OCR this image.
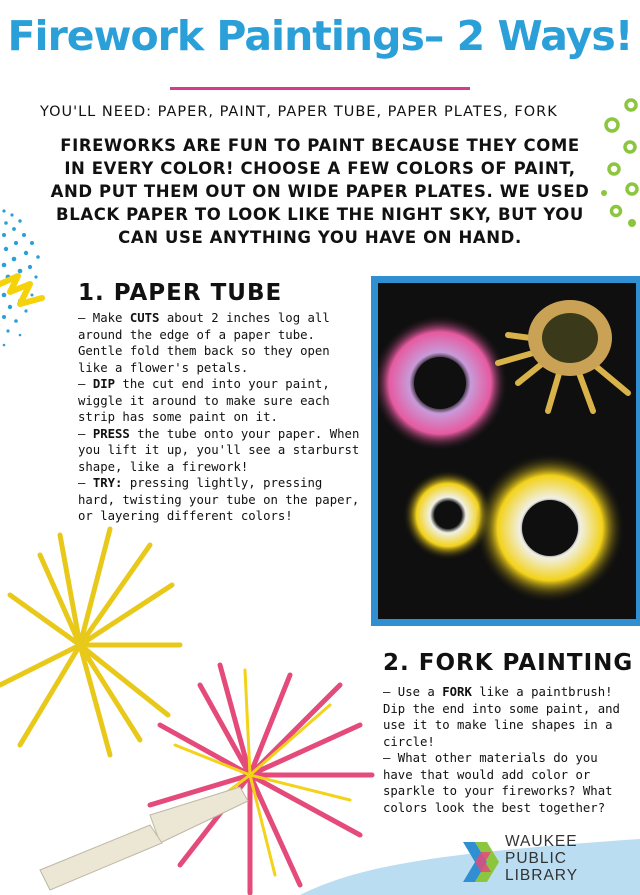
Firework Paintings– 2 Ways!
YOU'LL NEED: PAPER, PAINT, PAPER TUBE, PAPER PLATES, FORK

FIREWORKS ARE FUN TO PAINT BECAUSE THEY COME IN EVERY COLOR! CHOOSE A FEW COLORS OF PAINT, AND PUT THEM OUT ON WIDE PAPER PLATES. WE USED BLACK PAPER TO LOOK LIKE THE NIGHT SKY, BUT YOU CAN USE ANYTHING YOU HAVE ON HAND.

1. PAPER TUBE

– Make CUTS about 2 inches log all around the edge of a paper tube. Gentle fold them back so they open like a flower's petals.

– DIP the cut end into your paint, wiggle it around to make sure each strip has some paint on it.

– PRESS the tube onto your paper. When you lift it up, you'll see a starburst shape, like a firework!

– TRY: pressing lightly, pressing hard, twisting your tube on the paper, or layering different colors!

2. FORK PAINTING

– Use a FORK like a paintbrush! Dip the end into some paint, and use it to make line shapes in a circle!

– What other materials do you have that would add color or sparkle to your fireworks? What colors look the best together?

WAUKEE
PUBLIC
LIBRARY
